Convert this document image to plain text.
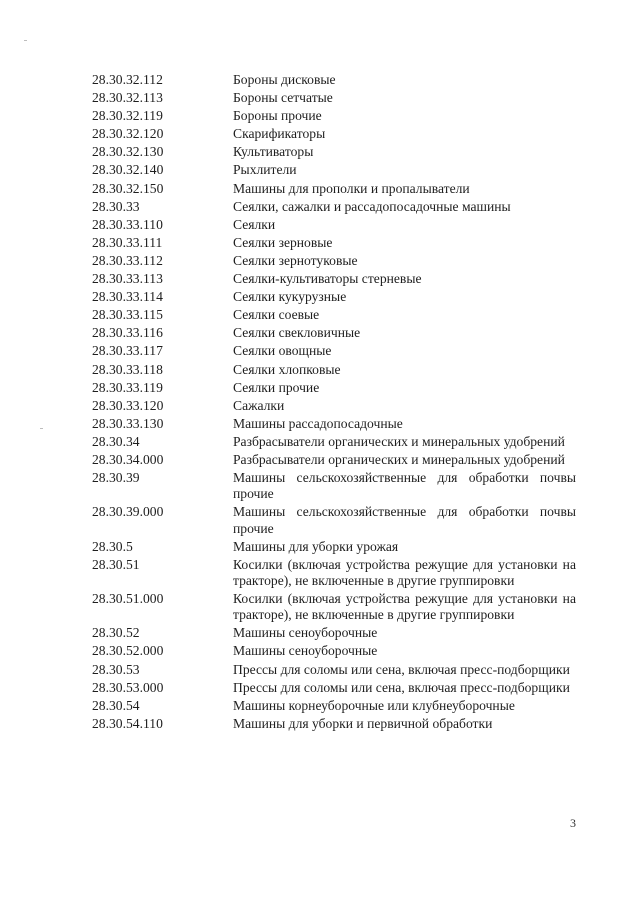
28.30.32.112	Бороны дисковые
28.30.32.113	Бороны сетчатые
28.30.32.119	Бороны прочие
28.30.32.120	Скарификаторы
28.30.32.130	Культиваторы
28.30.32.140	Рыхлители
28.30.32.150	Машины для прополки и пропалыватели
28.30.33	Сеялки, сажалки и рассадопосадочные машины
28.30.33.110	Сеялки
28.30.33.111	Сеялки зерновые
28.30.33.112	Сеялки зернотуковые
28.30.33.113	Сеялки-культиваторы стерневые
28.30.33.114	Сеялки кукурузные
28.30.33.115	Сеялки соевые
28.30.33.116	Сеялки свекловичные
28.30.33.117	Сеялки овощные
28.30.33.118	Сеялки хлопковые
28.30.33.119	Сеялки прочие
28.30.33.120	Сажалки
28.30.33.130	Машины рассадопосадочные
28.30.34	Разбрасыватели органических и минеральных удобрений
28.30.34.000	Разбрасыватели органических и минеральных удобрений
28.30.39	Машины сельскохозяйственные для обработки почвы прочие
28.30.39.000	Машины сельскохозяйственные для обработки почвы прочие
28.30.5	Машины для уборки урожая
28.30.51	Косилки (включая устройства режущие для установки на тракторе), не включенные в другие группировки
28.30.51.000	Косилки (включая устройства режущие для установки на тракторе), не включенные в другие группировки
28.30.52	Машины сеноуборочные
28.30.52.000	Машины сеноуборочные
28.30.53	Прессы для соломы или сена, включая пресс-подборщики
28.30.53.000	Прессы для соломы или сена, включая пресс-подборщики
28.30.54	Машины корнеуборочные или клубнеуборочные
28.30.54.110	Машины для уборки и первичной обработки
3
